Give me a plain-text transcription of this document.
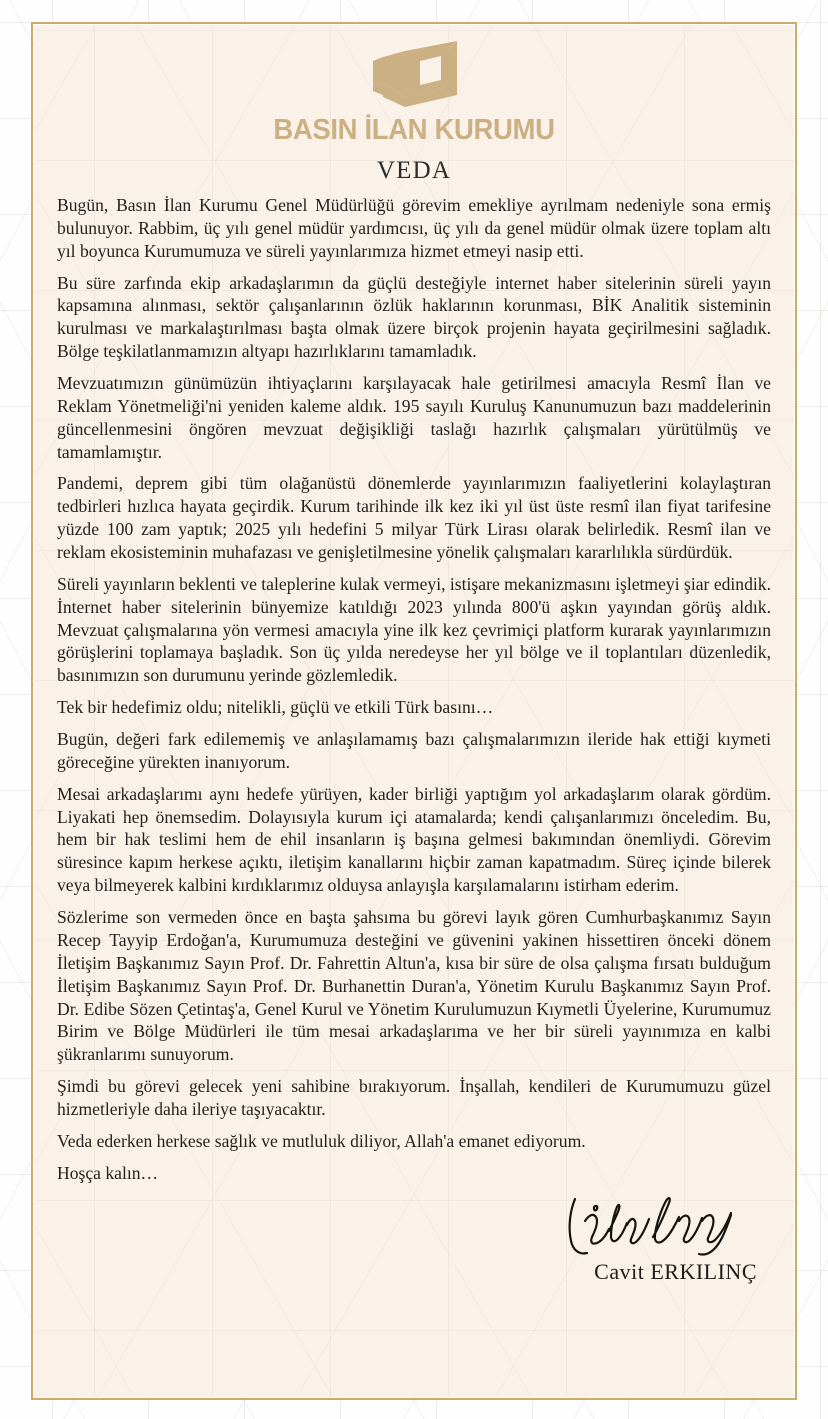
BASIN İLAN KURUMU
VEDA

Bugün, Basın İlan Kurumu Genel Müdürlüğü görevim emekliye ayrılmam nedeniyle sona ermiş bulunuyor. Rabbim, üç yılı genel müdür yardımcısı, üç yılı da genel müdür olmak üzere toplam altı yıl boyunca Kurumumuza ve süreli yayınlarımıza hizmet etmeyi nasip etti.

Bu süre zarfında ekip arkadaşlarımın da güçlü desteğiyle internet haber sitelerinin süreli yayın kapsamına alınması, sektör çalışanlarının özlük haklarının korunması, BİK Analitik sisteminin kurulması ve markalaştırılması başta olmak üzere birçok projenin hayata geçirilmesini sağladık. Bölge teşkilatlanmamızın altyapı hazırlıklarını tamamladık.

Mevzuatımızın günümüzün ihtiyaçlarını karşılayacak hale getirilmesi amacıyla Resmî İlan ve Reklam Yönetmeliği'ni yeniden kaleme aldık. 195 sayılı Kuruluş Kanunumuzun bazı maddelerinin güncellenmesini öngören mevzuat değişikliği taslağı hazırlık çalışmaları yürütülmüş ve tamamlamıştır.

Pandemi, deprem gibi tüm olağanüstü dönemlerde yayınlarımızın faaliyetlerini kolaylaştıran tedbirleri hızlıca hayata geçirdik. Kurum tarihinde ilk kez iki yıl üst üste resmî ilan fiyat tarifesine yüzde 100 zam yaptık; 2025 yılı hedefini 5 milyar Türk Lirası olarak belirledik. Resmî ilan ve reklam ekosisteminin muhafazası ve genişletilmesine yönelik çalışmaları kararlılıkla sürdürdük.

Süreli yayınların beklenti ve taleplerine kulak vermeyi, istişare mekanizmasını işletmeyi şiar edindik. İnternet haber sitelerinin bünyemize katıldığı 2023 yılında 800'ü aşkın yayından görüş aldık. Mevzuat çalışmalarına yön vermesi amacıyla yine ilk kez çevrimiçi platform kurarak yayınlarımızın görüşlerini toplamaya başladık. Son üç yılda neredeyse her yıl bölge ve il toplantıları düzenledik, basınımızın son durumunu yerinde gözlemledik.

Tek bir hedefimiz oldu; nitelikli, güçlü ve etkili Türk basını…

Bugün, değeri fark edilememiş ve anlaşılamamış bazı çalışmalarımızın ileride hak ettiği kıymeti göreceğine yürekten inanıyorum.

Mesai arkadaşlarımı aynı hedefe yürüyen, kader birliği yaptığım yol arkadaşlarım olarak gördüm. Liyakati hep önemsedim. Dolayısıyla kurum içi atamalarda; kendi çalışanlarımızı önceledim. Bu, hem bir hak teslimi hem de ehil insanların iş başına gelmesi bakımından önemliydi. Görevim süresince kapım herkese açıktı, iletişim kanallarını hiçbir zaman kapatmadım. Süreç içinde bilerek veya bilmeyerek kalbini kırdıklarımız olduysa anlayışla karşılamalarını istirham ederim.

Sözlerime son vermeden önce en başta şahsıma bu görevi layık gören Cumhurbaşkanımız Sayın Recep Tayyip Erdoğan'a, Kurumumuza desteğini ve güvenini yakinen hissettiren önceki dönem İletişim Başkanımız Sayın Prof. Dr. Fahrettin Altun'a, kısa bir süre de olsa çalışma fırsatı bulduğum İletişim Başkanımız Sayın Prof. Dr. Burhanettin Duran'a, Yönetim Kurulu Başkanımız Sayın Prof. Dr. Edibe Sözen Çetintaş'a, Genel Kurul ve Yönetim Kurulumuzun Kıymetli Üyelerine, Kurumumuz Birim ve Bölge Müdürleri ile tüm mesai arkadaşlarıma ve her bir süreli yayınımıza en kalbi şükranlarımı sunuyorum.

Şimdi bu görevi gelecek yeni sahibine bırakıyorum. İnşallah, kendileri de Kurumumuzu güzel hizmetleriyle daha ileriye taşıyacaktır.

Veda ederken herkese sağlık ve mutluluk diliyor, Allah'a emanet ediyorum.

Hoşça kalın…

Cavit ERKILINÇ
